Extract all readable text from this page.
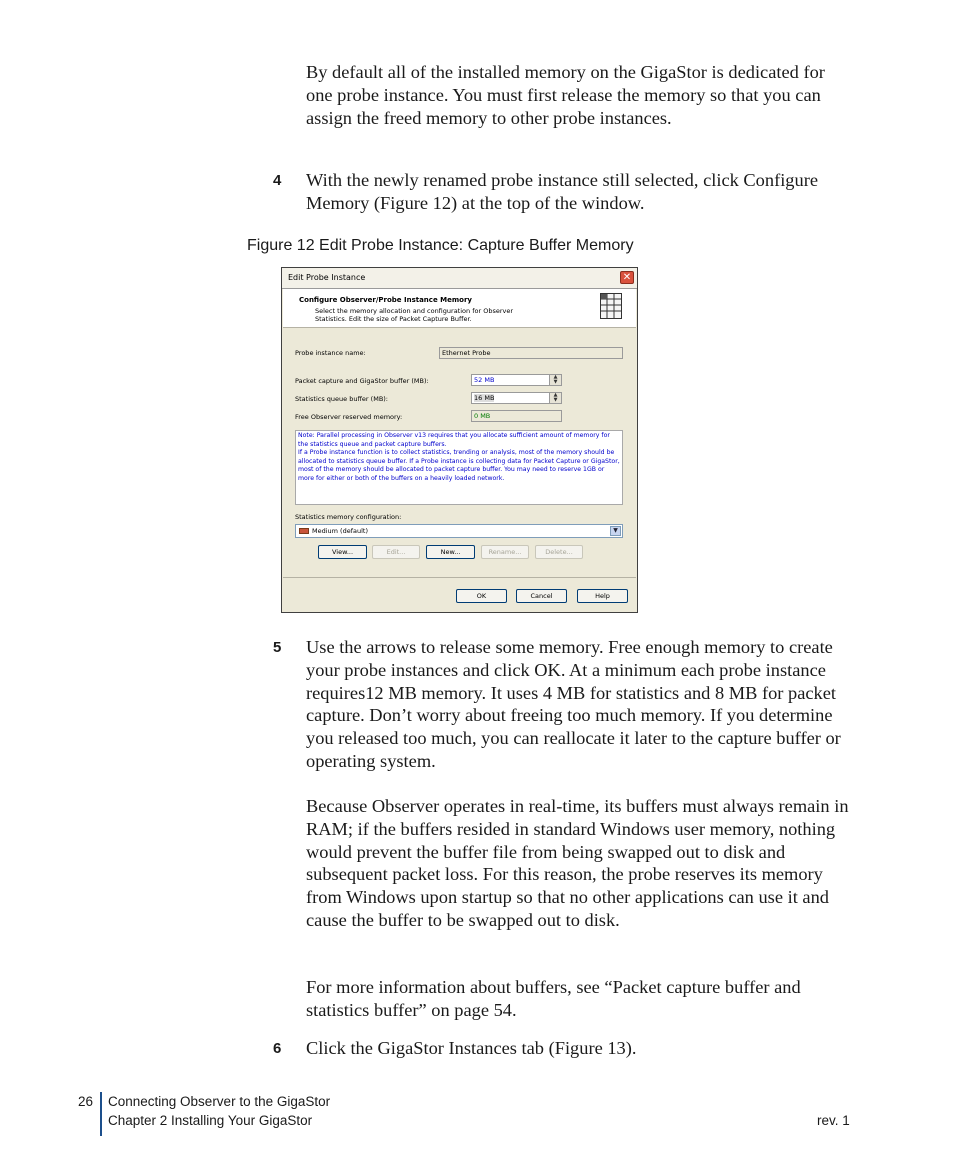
By default all of the installed memory on the GigaStor is dedicated for one probe instance. You must first release the memory so that you can assign the freed memory to other probe instances.

4 With the newly renamed probe instance still selected, click Configure Memory (Figure 12) at the top of the window.

Figure 12 Edit Probe Instance: Capture Buffer Memory
Edit Probe Instance	✕
Configure Observer/Probe Instance Memory
Select the memory allocation and configuration for Observer Statistics. Edit the size of Packet Capture Buffer.
Probe instance name:	Ethernet Probe
Packet capture and GigaStor buffer (MB):	52 MB	▲
▼
Statistics queue buffer (MB):	16 MB	▲
▼
Free Observer reserved memory:	0 MB
Note: Parallel processing in Observer v13 requires that you allocate sufficient amount of memory for the statistics queue and packet capture buffers.
If a Probe instance function is to collect statistics, trending or analysis, most of the memory should be allocated to statistics queue buffer. If a Probe instance is collecting data for Packet Capture or GigaStor, most of the memory should be allocated to packet capture buffer. You may need to reserve 1GB or more for either or both of the buffers on a heavily loaded network.
Statistics memory configuration:
Medium (default)	▼
View...	Edit...	New...	Rename...	Delete...
OK	Cancel	Help
5 Use the arrows to release some memory. Free enough memory to create your probe instances and click OK. At a minimum each probe instance requires12 MB memory. It uses 4 MB for statistics and 8 MB for packet capture. Don’t worry about freeing too much memory. If you determine you released too much, you can reallocate it later to the capture buffer or operating system.

Because Observer operates in real-time, its buffers must always remain in RAM; if the buffers resided in standard Windows user memory, nothing would prevent the buffer file from being swapped out to disk and subsequent packet loss. For this reason, the probe reserves its memory from Windows upon startup so that no other applications can use it and cause the buffer to be swapped out to disk.

For more information about buffers, see “Packet capture buffer and statistics buffer” on page 54.

6 Click the GigaStor Instances tab (Figure 13).

26 Connecting Observer to the GigaStor
Chapter 2 Installing Your GigaStor	rev. 1
